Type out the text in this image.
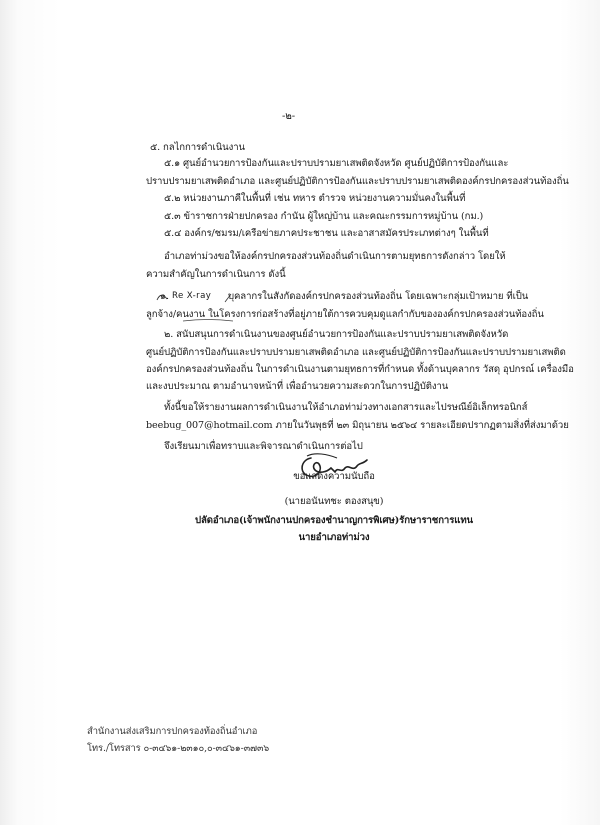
-๒-
๕. กลไกการดำเนินงาน
๕.๑ ศูนย์อำนวยการป้องกันและปราบปรามยาเสพติดจังหวัด ศูนย์ปฏิบัติการป้องกันและ
ปราบปรามยาเสพติดอำเภอ และศูนย์ปฏิบัติการป้องกันและปราบปรามยาเสพติดองค์กรปกครองส่วนท้องถิ่น
๕.๒ หน่วยงานภาคีในพื้นที่ เช่น ทหาร ตำรวจ หน่วยงานความมั่นคงในพื้นที่
๕.๓ ข้าราชการฝ่ายปกครอง กำนัน ผู้ใหญ่บ้าน และคณะกรรมการหมู่บ้าน (กม.)
๕.๔ องค์กร/ชมรม/เครือข่ายภาคประชาชน และอาสาสมัครประเภทต่างๆ ในพื้นที่
อำเภอท่าม่วงขอให้องค์กรปกครองส่วนท้องถิ่นดำเนินการตามยุทธการดังกล่าว โดยให้
ความสำคัญในการดำเนินการ ดังนี้
๑. Re X-ray บุคลากรในสังกัดองค์กรปกครองส่วนท้องถิ่น โดยเฉพาะกลุ่มเป้าหมาย ที่เป็น
ลูกจ้าง/คนงาน ในโครงการก่อสร้างที่อยู่ภายใต้การควบคุมดูแลกำกับขององค์กรปกครองส่วนท้องถิ่น
๒. สนับสนุนการดำเนินงานของศูนย์อำนวยการป้องกันและปราบปรามยาเสพติดจังหวัด
ศูนย์ปฏิบัติการป้องกันและปราบปรามยาเสพติดอำเภอ และศูนย์ปฏิบัติการป้องกันและปราบปรามยาเสพติด
องค์กรปกครองส่วนท้องถิ่น ในการดำเนินงานตามยุทธการที่กำหนด ทั้งด้านบุคลากร วัสดุ อุปกรณ์ เครื่องมือ
และงบประมาณ ตามอำนาจหน้าที่ เพื่ออำนวยความสะดวกในการปฏิบัติงาน
ทั้งนี้ขอให้รายงานผลการดำเนินงานให้อำเภอท่าม่วงทางเอกสารและไปรษณีย์อิเล็กทรอนิกส์
beebug_007@hotmail.com ภายในวันพุธที่ ๒๓ มิถุนายน ๒๕๖๔ รายละเอียดปรากฏตามสิ่งที่ส่งมาด้วย
จึงเรียนมาเพื่อทราบและพิจารณาดำเนินการต่อไป
ขอแสดงความนับถือ
(นายอนันทชะ ตองสนุข)
ปลัดอำเภอ(เจ้าพนักงานปกครองชำนาญการพิเศษ)รักษาราชการแทน
นายอำเภอท่าม่วง
สำนักงานส่งเสริมการปกครองท้องถิ่นอำเภอ
โทร./โทรสาร ๐-๓๔๖๑-๒๓๑๐,๐-๓๔๖๑-๓๗๓๖
